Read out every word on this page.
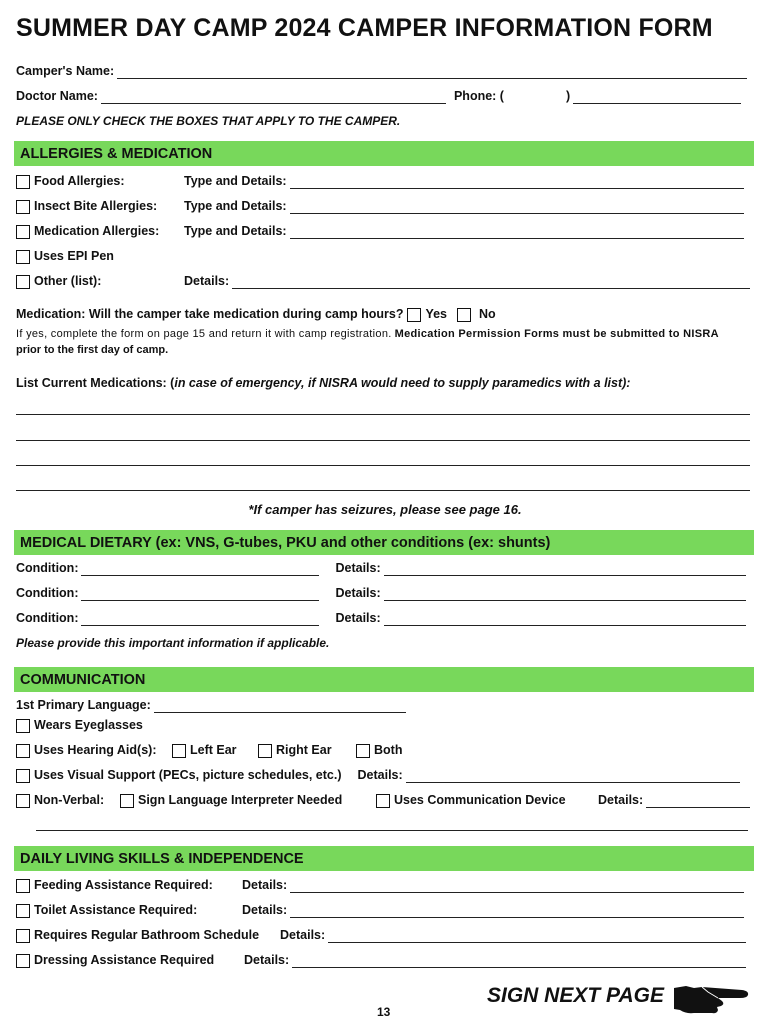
SUMMER DAY CAMP 2024 CAMPER INFORMATION FORM
Camper's Name:
Doctor Name:	Phone: (	)
PLEASE ONLY CHECK THE BOXES THAT APPLY TO THE CAMPER.
ALLERGIES & MEDICATION
Food Allergies:	Type and Details:
Insect Bite Allergies:	Type and Details:
Medication Allergies:	Type and Details:
Uses EPI Pen
Other (list):	Details:
Medication: Will the camper take medication during camp hours? Yes	No
If yes, complete the form on page 15 and return it with camp registration. Medication Permission Forms must be submitted to NISRA
prior to the first day of camp.
List Current Medications: ( in case of emergency, if NISRA would need to supply paramedics with a list):
*If camper has seizures, please see page 16.
MEDICAL DIETARY (ex: VNS, G-tubes, PKU and other conditions (ex: shunts)
Condition:	Details:
Condition:	Details:
Condition:	Details:
Please provide this important information if applicable.
COMMUNICATION
1st Primary Language:
Wears Eyeglasses
Uses Hearing Aid(s):	Left Ear	Right Ear	Both
Uses Visual Support (PECs, picture schedules, etc.) Details:
Non-Verbal:	Sign Language Interpreter Needed	Uses Communication Device	Details:
DAILY LIVING SKILLS & INDEPENDENCE
Feeding Assistance Required:	Details:
Toilet Assistance Required:	Details:
Requires Regular Bathroom Schedule	Details:
Dressing Assistance Required	Details:
13
SIGN NEXT PAGE
